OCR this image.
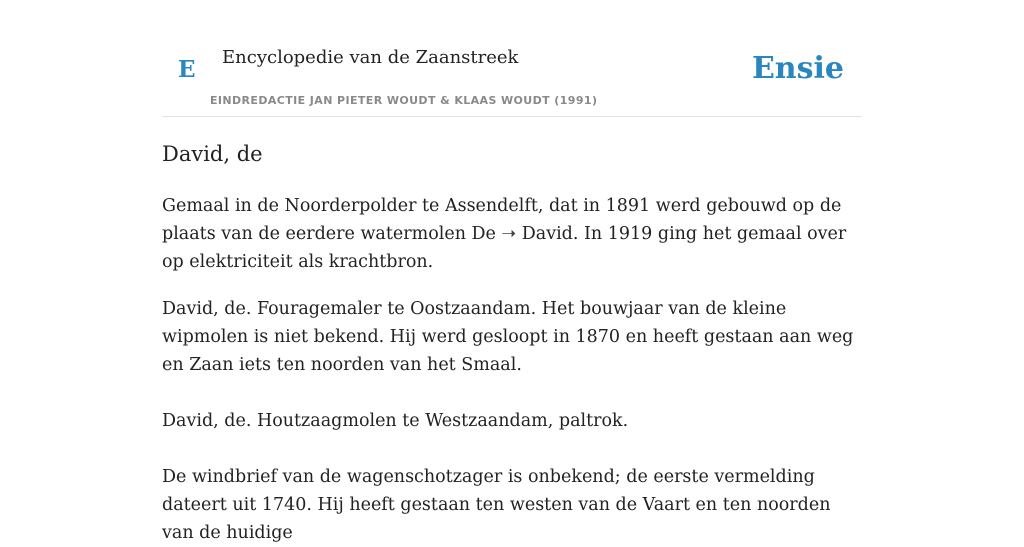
E Encyclopedie van de Zaanstreek
EINDREDACTIE JAN PIETER WOUDT & KLAAS WOUDT (1991)
Ensie
David, de

Gemaal in de Noorderpolder te Assendelft, dat in 1891 werd gebouwd op de plaats van de eerdere watermolen De ➝ David. In 1919 ging het gemaal over op elektriciteit als krachtbron.

David, de. Fouragemaler te Oostzaandam. Het bouwjaar van de kleine wipmolen is niet bekend. Hij werd gesloopt in 1870 en heeft gestaan aan weg en Zaan iets ten noorden van het Smaal.

David, de. Houtzaagmolen te Westzaandam, paltrok.

De windbrief van de wagenschotzager is onbekend; de eerste vermelding dateert uit 1740. Hij heeft gestaan ten westen van de Vaart en ten noorden van de huidige
